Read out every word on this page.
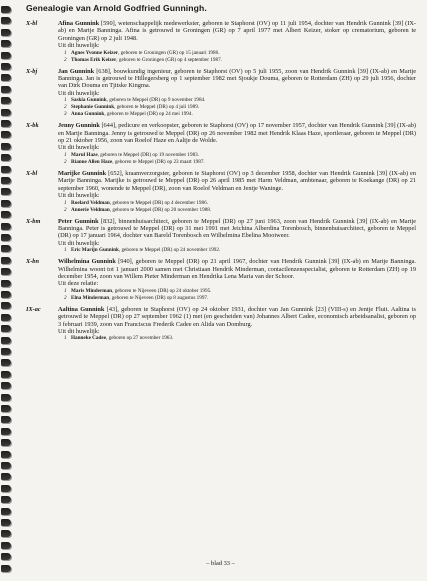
Genealogie van Arnold Godfried Gunningh.
X-bl	Afina Gunnink [590], wetenschappelijk medewerkster, geboren te Staphorst (OV) op 11 juli 1954, dochter van Hendrik Gunnink [39] (IX-ab) en Martje Banninga. Afina is getrouwd te Groningen (GR) op 7 april 1977 met Albert Keizer, stoker op crematorium, geboren te Groningen (GR) op 2 juli 1948.
Uit dit huwelijk:
1 Agnes Yvonne Keizer, geboren te Groningen (GR) op 15 januari 1986.
2 Thomas Erik Keizer, geboren te Groningen (GR) op 4 september 1987.
X-bj	Jan Gunnink [638], bouwkundig ingenieur, geboren te Staphorst (OV) op 5 juli 1955, zoon van Hendrik Gunnink [39] (IX-ab) en Martje Banninga. Jan is getrouwd te Hillegersberg op 1 september 1982 met Sjoukje Douma, geboren te Rotterdam (ZH) op 29 juli 1956, dochter van Dirk Douma en Tjitske Kingma.
Uit dit huwelijk:
1 Saskia Gunnink, geboren te Meppel (DR) op 9 november 1984.
2 Stephanie Gunnink, geboren te Meppel (DR) op 4 juli 1989.
3 Anna Gunnink, geboren te Meppel (DR) op 24 mei 1994.
X-bk	Jenny Gunnink [644], pedicure en verkoopster, geboren te Staphorst (OV) op 17 november 1957, dochter van Hendrik Gunnink [39] (IX-ab) en Martje Banninga. Jenny is getrouwd te Meppel (DR) op 26 november 1982 met Hendrik Klaas Haze, sportleraar, geboren te Meppel (DR) op 21 oktober 1956, zoon van Roelof Haze en Aaltje de Wolde.
Uit dit huwelijk:
1 Marul Haze, geboren te Meppel (DR) op 19 november 1983.
2 Rianne Allen Haze, geboren te Meppel (DR) op 23 maart 1987.
X-bl	Marijke Gunnink [652], kraamverzorgster, geboren te Staphorst (OV) op 3 december 1958, dochter van Hendrik Gunnink [39] (IX-ab) en Martje Banninga. Marijke is getrouwd te Meppel (DR) op 26 april 1985 met Harm Veldman, ambtenaar, geboren te Koekange (DR) op 21 september 1960, wonende te Meppel (DR), zoon van Roelof Veldman en Jentje Waninge.
Uit dit huwelijk:
1 Roelard Veldman, geboren te Meppel (DR) op 4 december 1986.
2 Annerie Veldman, geboren te Meppel (DR) op 20 november 1988.
X-bm	Peter Gunnink [832], binnenhuisarchitect, geboren te Meppel (DR) op 27 juni 1963, zoon van Hendrik Gunnink [39] (IX-ab) en Martje Banninga. Peter is getrouwd te Meppel (DR) op 31 mei 1991 met Jeichina Alberdina Torenbosch, binnenhuisarchitect, geboren te Meppel (DR) op 17 januari 1964, dochter van Bareld Torenbosch en Wilhelmina Ebelina Mooiweer.
Uit dit huwelijk:
1 Eric Marijn Gunnink, geboren te Meppel (DR) op 24 november 1992.
X-bn	Wilhelmina Gunnink [940], geboren te Meppel (DR) op 21 april 1967, dochter van Hendrik Gunnink [39] (IX-ab) en Martje Banninga. Wilhelmina woont tot 1 januari 2000 samen met Christiaan Hendrik Minderman, contactlenzenspecialist, geboren te Rotterdam (ZH) op 19 december 1954, zoon van Willem Pieter Minderman en Hendrika Lena Maria van der Schoor.
Uit deze relatie:
1 Maris Minderman, geboren te Nijeveen (DR) op 24 oktober 1995.
2 Elna Minderman, geboren te Nijeveen (DR) op 8 augustus 1997.
IX-ac	Aaltina Gunnink [43], geboren te Staphorst (OV) op 24 oktober 1931, dochter van Jan Gunnink [23] (VIII-s) en Jentje Fluit. Aaltina is getrouwd te Meppel (DR) op 27 september 1962 (1) met (en gescheiden van) Johannes Albert Cadee, economisch arbeidsanalist, geboren op 3 februari 1939, zoon van Franciscus Frederik Cadee en Alida van Domburg.
Uit dit huwelijk:
1 Hanneke Cadee, geboren op 27 november 1963.
– blad 33 –
